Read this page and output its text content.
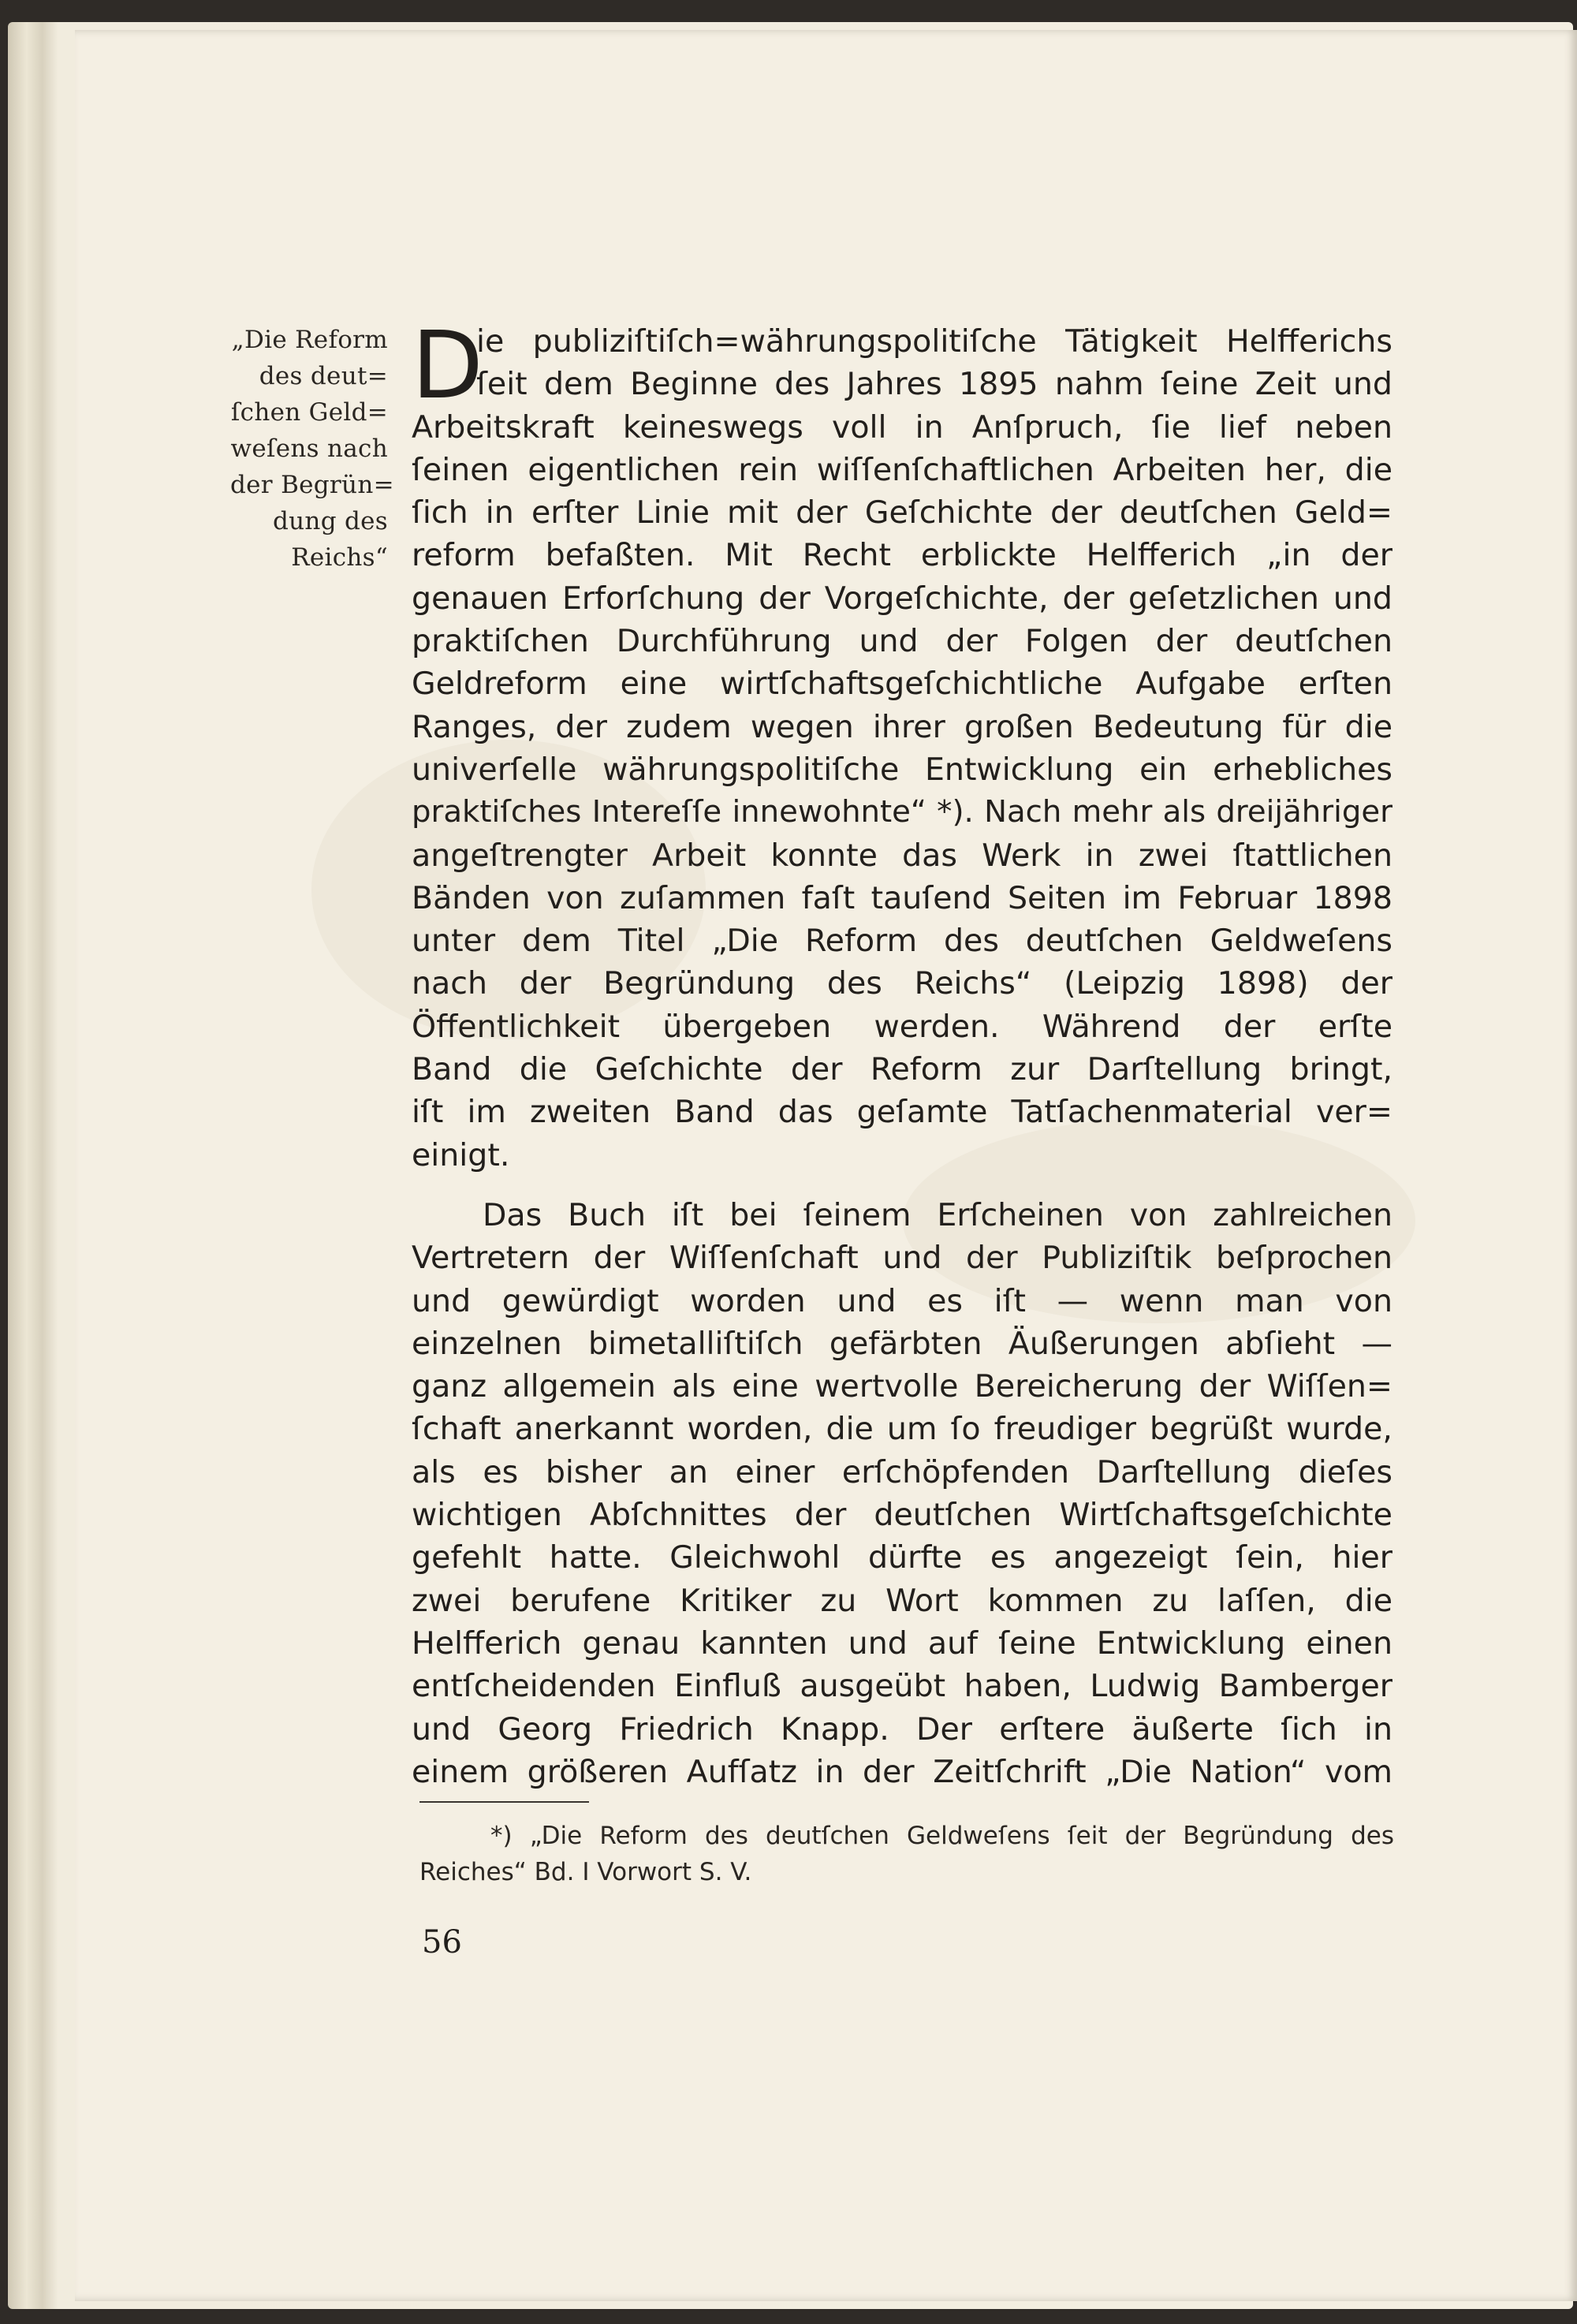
„Die Reform
des deut=
ſchen Geld=
weſens nach
der Begrün=
dung des
Reichs“
D
ie publiziſtiſch=währungspolitiſche Tätigkeit Helfferichs
ſeit dem Beginne des Jahres 1895 nahm ſeine Zeit und
Arbeitskraft keineswegs voll in Anſpruch, ſie lief neben
ſeinen eigentlichen rein wiſſenſchaftlichen Arbeiten her, die
ſich in erſter Linie mit der Geſchichte der deutſchen Geld=
reform befaßten. Mit Recht erblickte Helfferich „in der
genauen Erforſchung der Vorgeſchichte, der geſetzlichen und
praktiſchen Durchführung und der Folgen der deutſchen
Geldreform eine wirtſchaftsgeſchichtliche Aufgabe erſten
Ranges, der zudem wegen ihrer großen Bedeutung für die
univerſelle währungspolitiſche Entwicklung ein erhebliches
praktiſches Intereſſe innewohnte“ *). Nach mehr als dreijähriger
angeſtrengter Arbeit konnte das Werk in zwei ſtattlichen
Bänden von zuſammen faſt tauſend Seiten im Februar 1898
unter dem Titel „Die Reform des deutſchen Geldweſens
nach der Begründung des Reichs“ (Leipzig 1898) der
Öffentlichkeit übergeben werden. Während der erſte
Band die Geſchichte der Reform zur Darſtellung bringt,
iſt im zweiten Band das geſamte Tatſachenmaterial ver=
einigt.
Das Buch iſt bei ſeinem Erſcheinen von zahlreichen
Vertretern der Wiſſenſchaft und der Publiziſtik beſprochen
und gewürdigt worden und es iſt — wenn man von
einzelnen bimetalliſtiſch gefärbten Äußerungen abſieht —
ganz allgemein als eine wertvolle Bereicherung der Wiſſen=
ſchaft anerkannt worden, die um ſo freudiger begrüßt wurde,
als es bisher an einer erſchöpfenden Darſtellung dieſes
wichtigen Abſchnittes der deutſchen Wirtſchaftsgeſchichte
gefehlt hatte. Gleichwohl dürfte es angezeigt ſein, hier
zwei berufene Kritiker zu Wort kommen zu laſſen, die
Helfferich genau kannten und auf ſeine Entwicklung einen
entſcheidenden Einfluß ausgeübt haben, Ludwig Bamberger
und Georg Friedrich Knapp. Der erſtere äußerte ſich in
einem größeren Aufſatz in der Zeitſchrift „Die Nation“ vom
*) „Die Reform des deutſchen Geldweſens ſeit der Begründung des
Reiches“ Bd. I Vorwort S. V.
56
